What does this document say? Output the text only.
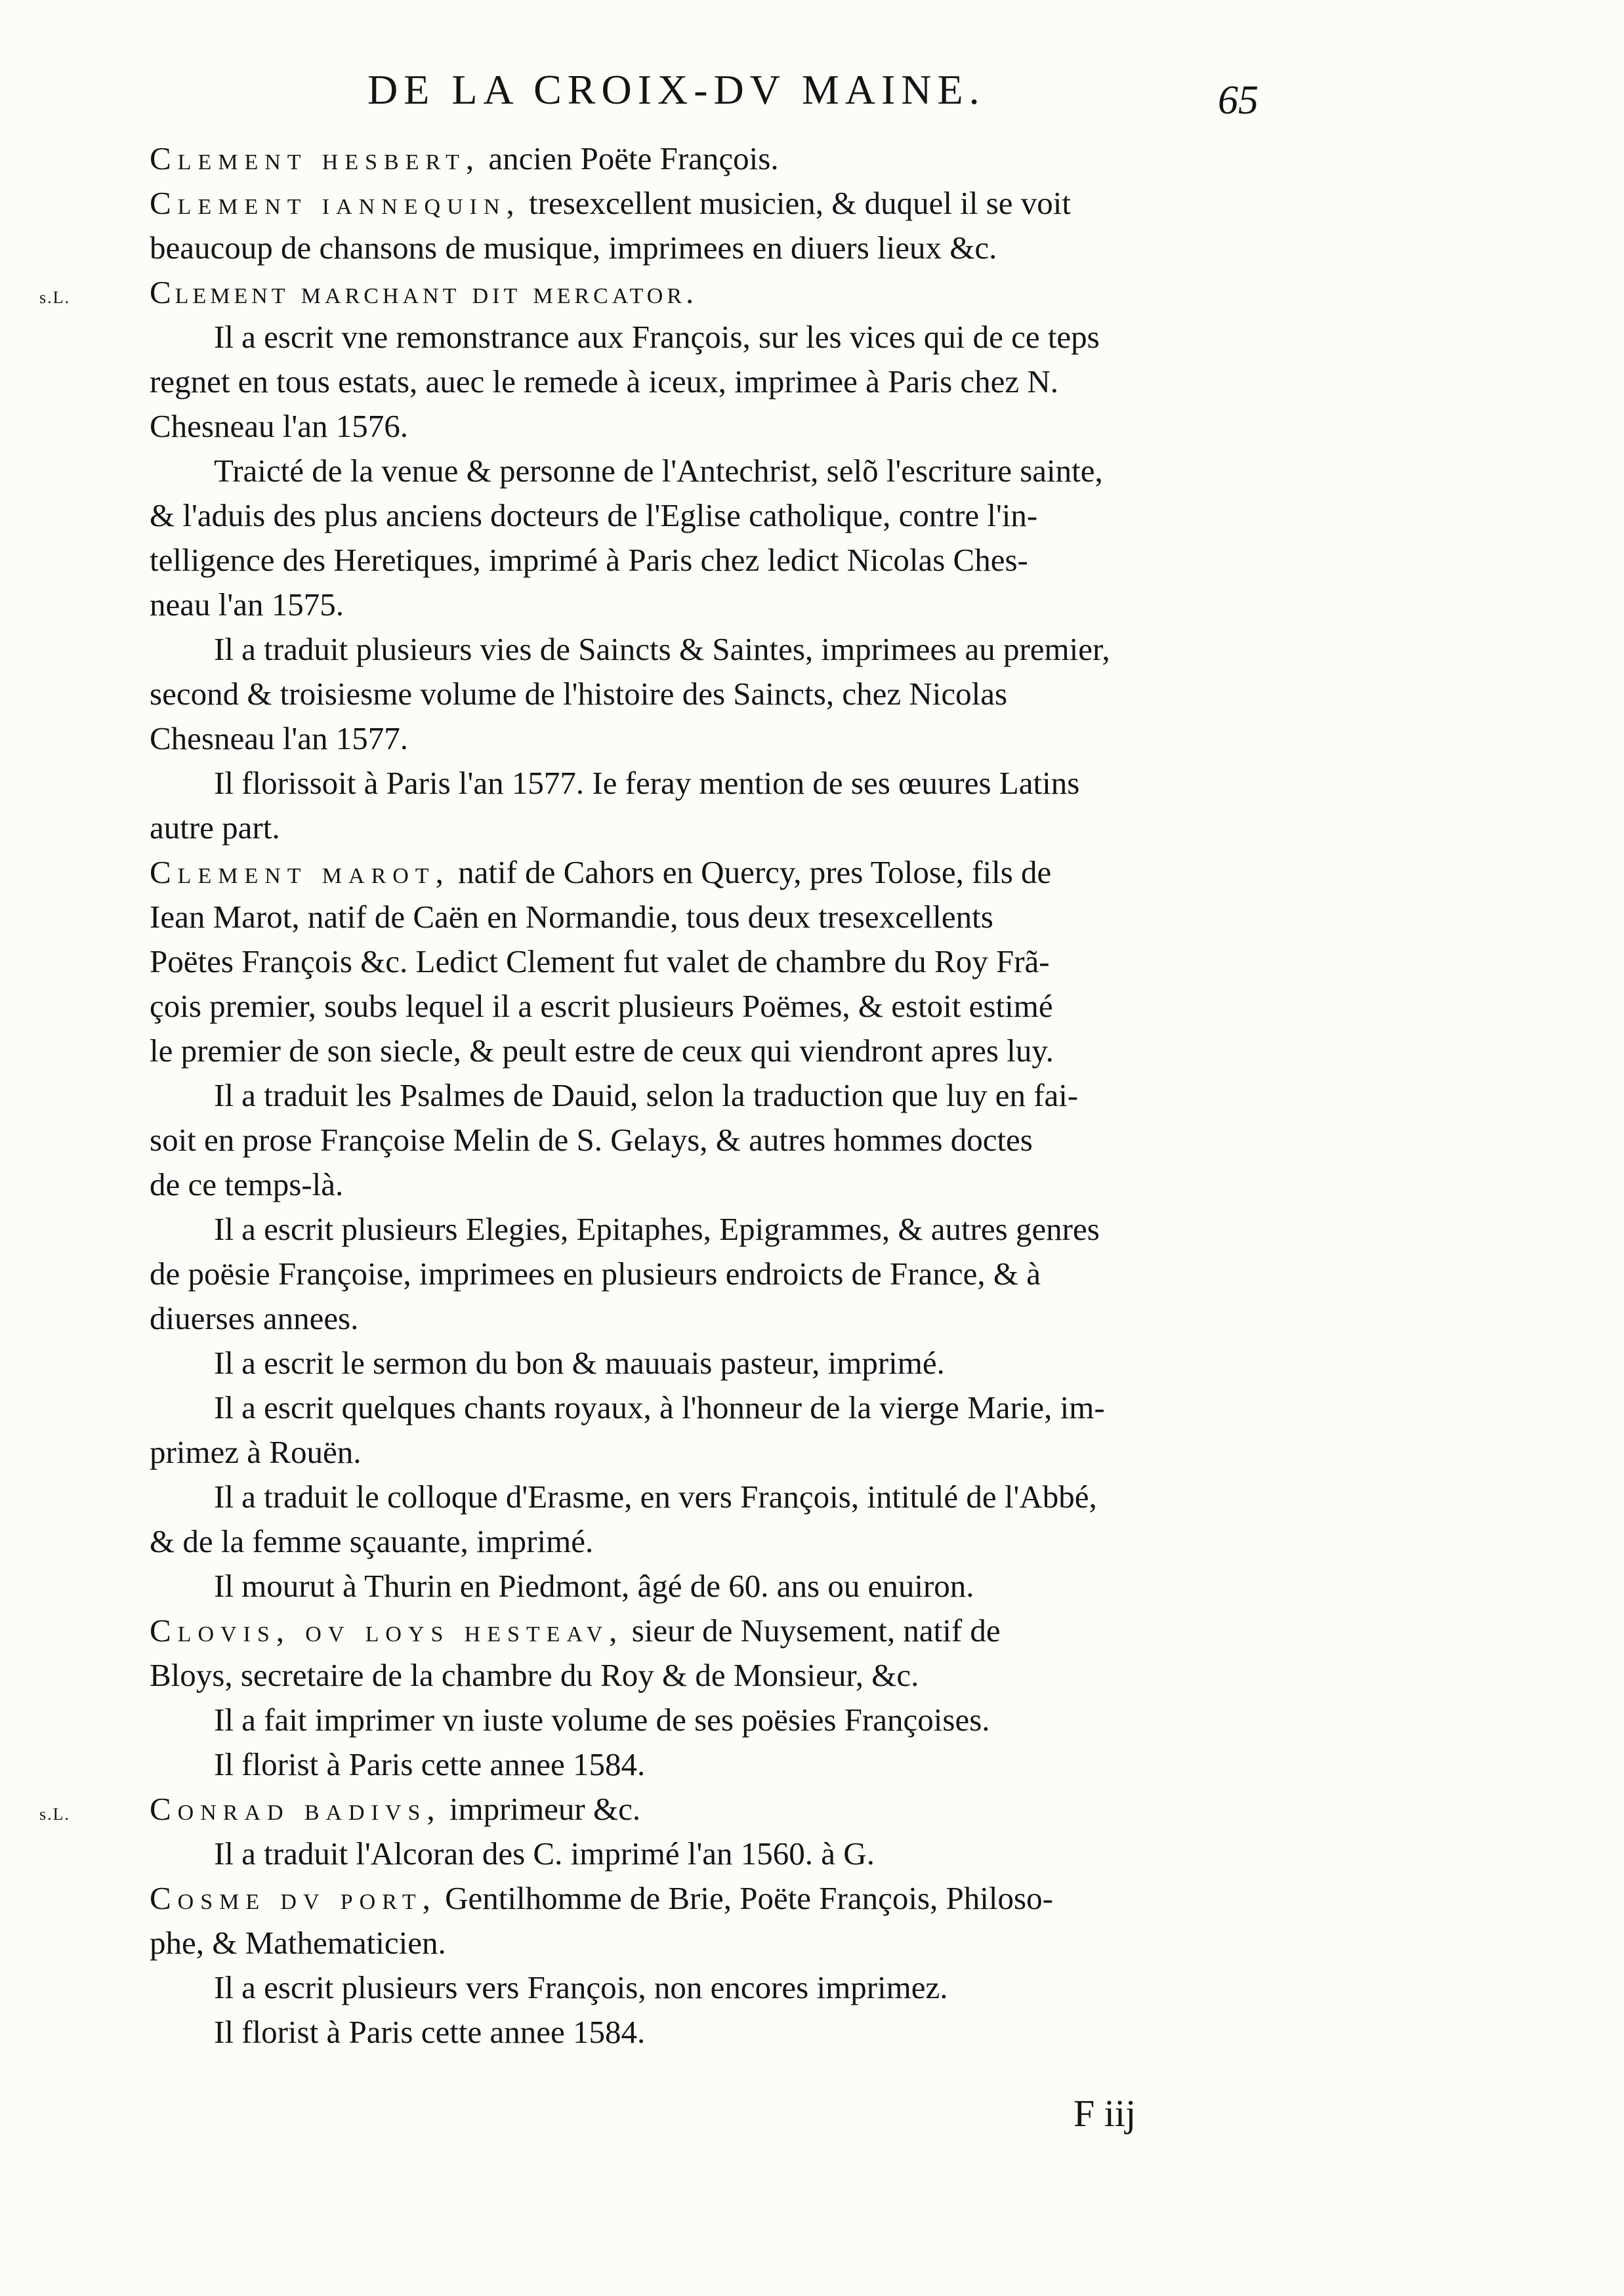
DE LA CROIX-DV MAINE.	65
Clement hesbert, ancien Poëte François.
Clement iannequin, tresexcellent musicien, & duquel il se voit
beaucoup de chansons de musique, imprimees en diuers lieux &c.
s.L. Clement marchant dit mercator.
Il a escrit vne remonstrance aux François, sur les vices qui de ce teps
regnet en tous estats, auec le remede à iceux, imprimee à Paris chez N.
Chesneau l'an 1576.
Traicté de la venue & personne de l'Antechrist, selõ l'escriture sainte,
& l'aduis des plus anciens docteurs de l'Eglise catholique, contre l'in-
telligence des Heretiques, imprimé à Paris chez ledict Nicolas Ches-
neau l'an 1575.
Il a traduit plusieurs vies de Saincts & Saintes, imprimees au premier,
second & troisiesme volume de l'histoire des Saincts, chez Nicolas
Chesneau l'an 1577.
Il florissoit à Paris l'an 1577. Ie feray mention de ses œuures Latins
autre part.
Clement marot, natif de Cahors en Quercy, pres Tolose, fils de
Iean Marot, natif de Caën en Normandie, tous deux tresexcellents
Poëtes François &c. Ledict Clement fut valet de chambre du Roy Frã-
çois premier, soubs lequel il a escrit plusieurs Poëmes, & estoit estimé
le premier de son siecle, & peult estre de ceux qui viendront apres luy.
Il a traduit les Psalmes de Dauid, selon la traduction que luy en fai-
soit en prose Françoise Melin de S. Gelays, & autres hommes doctes
de ce temps-là.
Il a escrit plusieurs Elegies, Epitaphes, Epigrammes, & autres genres
de poësie Françoise, imprimees en plusieurs endroicts de France, & à
diuerses annees.
Il a escrit le sermon du bon & mauuais pasteur, imprimé.
Il a escrit quelques chants royaux, à l'honneur de la vierge Marie, im-
primez à Rouën.
Il a traduit le colloque d'Erasme, en vers François, intitulé de l'Abbé,
& de la femme sçauante, imprimé.
Il mourut à Thurin en Piedmont, âgé de 60. ans ou enuiron.
Clovis, ov loys hesteav, sieur de Nuysement, natif de
Bloys, secretaire de la chambre du Roy & de Monsieur, &c.
Il a fait imprimer vn iuste volume de ses poësies Françoises.
Il florist à Paris cette annee 1584.
s.L. Conrad badivs, imprimeur &c.
Il a traduit l'Alcoran des C. imprimé l'an 1560. à G.
Cosme dv port, Gentilhomme de Brie, Poëte François, Philoso-
phe, & Mathematicien.
Il a escrit plusieurs vers François, non encores imprimez.
Il florist à Paris cette annee 1584.
F iij
